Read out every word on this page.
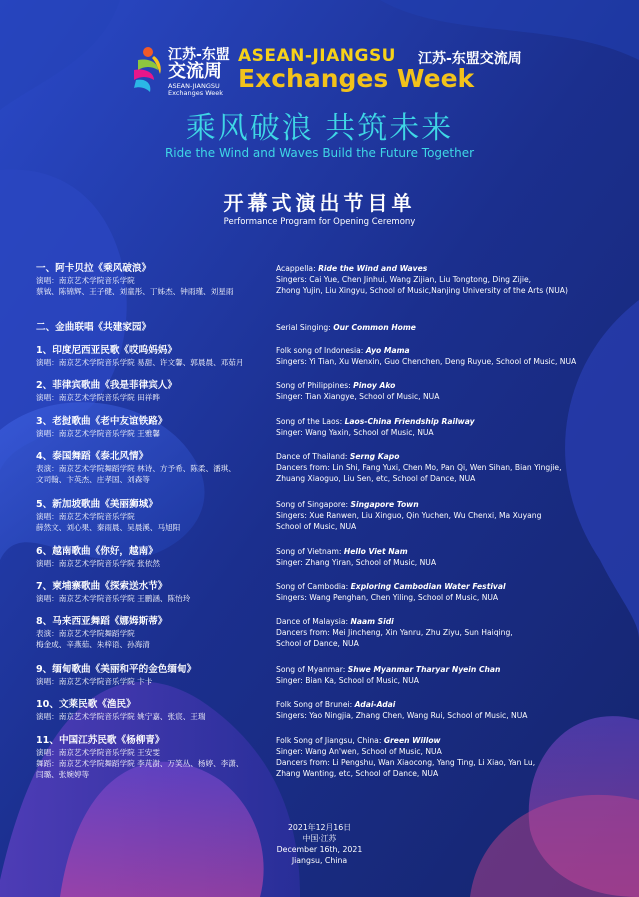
江苏-东盟
交流周
ASEAN-JIANGSU
Exchanges Week
ASEAN-JIANGSU 江苏-东盟交流周
Exchanges Week
乘风破浪 共筑未来
Ride the Wind and Waves Build the Future Together
开幕式演出节目单
Performance Program for Opening Ceremony
一、阿卡贝拉《乘风破浪》
演唱：南京艺术学院音乐学院
蔡钺、陈锦辉、王子健、刘童彤、丁姊杰、钟雨瑾、刘星雨
Acappella: Ride the Wind and Waves
Singers: Cai Yue, Chen Jinhui, Wang Zijian, Liu Tongtong, Ding Zijie,
Zhong Yujin, Liu Xingyu, School of Music,Nanjing University of the Arts (NUA)
二、金曲联唱《共建家园》	Serial Singing: Our Common Home
1、印度尼西亚民歌《哎呜妈妈》
演唱：南京艺术学院音乐学院 易甜、许文馨、郭晨晨、邓茹月
Folk song of Indonesia: Ayo Mama
Singers: Yi Tian, Xu Wenxin, Guo Chenchen, Deng Ruyue, School of Music, NUA
2、菲律宾歌曲《我是菲律宾人》
演唱：南京艺术学院音乐学院 田祥晔
Song of Philippines: Pinoy Ako
Singer: Tian Xiangye, School of Music, NUA
3、老挝歌曲《老中友谊铁路》
演唱：南京艺术学院音乐学院 王雅馨
Song of the Laos: Laos-China Friendship Railway
Singer: Wang Yaxin, School of Music, NUA
4、泰国舞蹈《泰北风情》
表演：南京艺术学院舞蹈学院 林诗、方予希、陈柔、潘琪、
文司翰、卞英杰、庄孝国、刘森等
Dance of Thailand: Serng Kapo
Dancers from: Lin Shi, Fang Yuxi, Chen Mo, Pan Qi, Wen Sihan, Bian Yingjie,
Zhuang Xiaoguo, Liu Sen, etc, School of Dance, NUA
5、新加坡歌曲《美丽狮城》
演唱：南京艺术学院音乐学院
薛然文、刘心果、秦雨晨、吴晨溪、马旭阳
Song of Singapore: Singapore Town
Singers: Xue Ranwen, Liu Xinguo, Qin Yuchen, Wu Chenxi, Ma Xuyang
School of Music, NUA
6、越南歌曲《你好，越南》
演唱：南京艺术学院音乐学院 张依然
Song of Vietnam: Hello Viet Nam
Singer: Zhang Yiran, School of Music, NUA
7、柬埔寨歌曲《探索送水节》
演唱：南京艺术学院音乐学院 王鹏涵、陈怡玲
Song of Cambodia: Exploring Cambodian Water Festival
Singers: Wang Penghan, Chen Yiling, School of Music, NUA
8、马来西亚舞蹈《娜姆斯蒂》
表演：南京艺术学院舞蹈学院
梅金成、辛燕茹、朱梓语、孙海清
Dance of Malaysia: Naam Sidi
Dancers from: Mei Jincheng, Xin Yanru, Zhu Ziyu, Sun Haiqing,
School of Dance, NUA
9、缅甸歌曲《美丽和平的金色缅甸》
演唱：南京艺术学院音乐学院 卞卡
Song of Myanmar: Shwe Myanmar Tharyar Nyein Chan
Singer: Bian Ka, School of Music, NUA
10、文莱民歌《渔民》
演唱：南京艺术学院音乐学院 姚宁嘉、张宸、王瑞
Folk Song of Brunei: Adai-Adai
Singers: Yao Ningjia, Zhang Chen, Wang Rui, School of Music, NUA
11、中国江苏民歌《杨柳青》
演唱：南京艺术学院音乐学院 王安雯
舞蹈：南京艺术学院舞蹈学院 李芃澍、万笑丛、杨婷、李潇、
闫璐、张婉婷等
Folk Song of Jiangsu, China: Green Willow
Singer: Wang An'wen, School of Music, NUA
Dancers from: Li Pengshu, Wan Xiaocong, Yang Ting, Li Xiao, Yan Lu,
Zhang Wanting, etc, School of Dance, NUA
2021年12月16日
中国·江苏
December 16th, 2021
Jiangsu, China
